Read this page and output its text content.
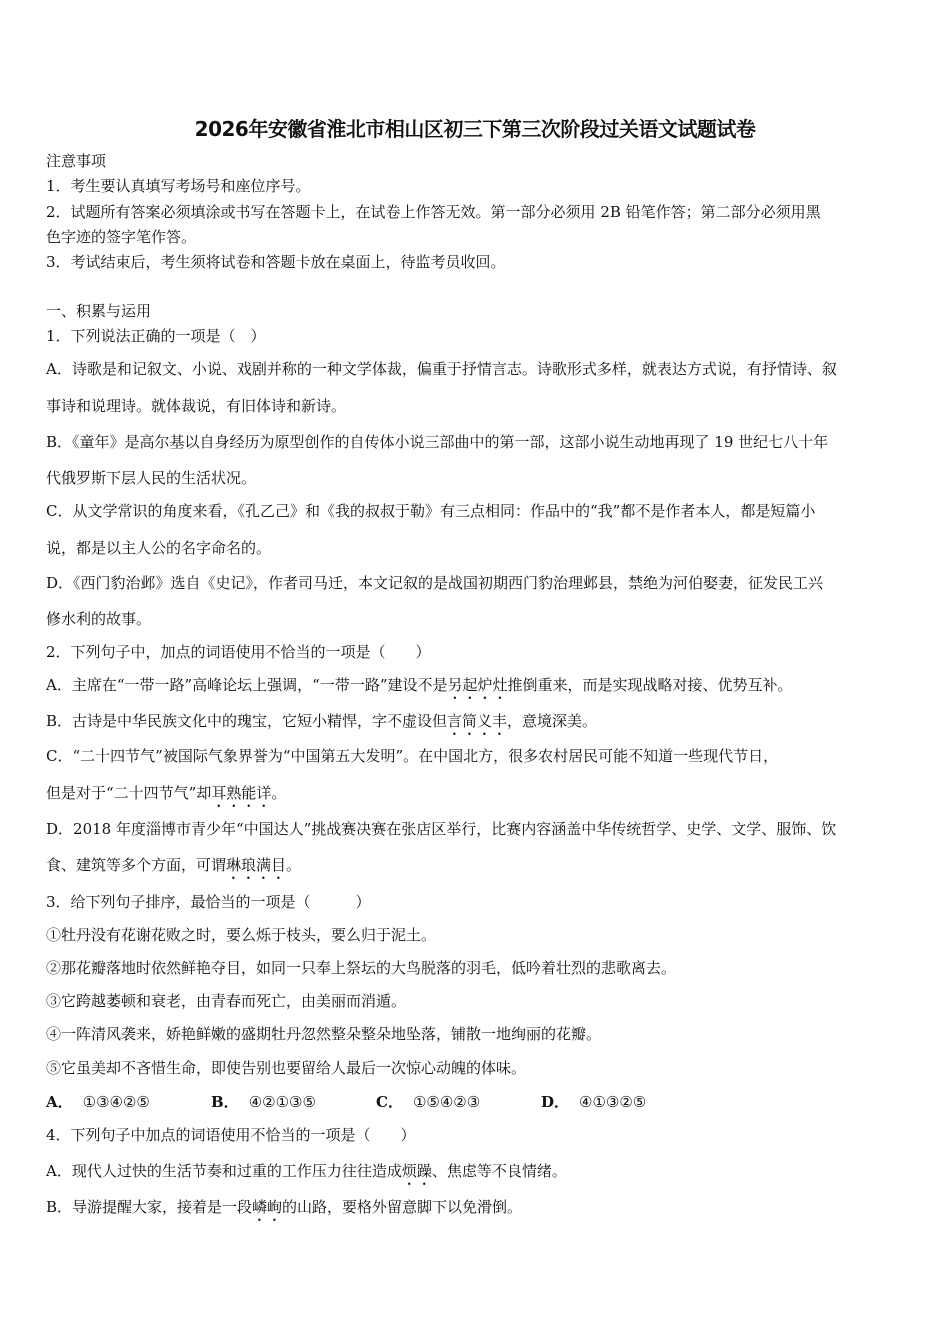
2026年安徽省淮北市相山区初三下第三次阶段过关语文试题试卷
注意事项
1．考生要认真填写考场号和座位序号。
2．试题所有答案必须填涂或书写在答题卡上，在试卷上作答无效。第一部分必须用 2B 铅笔作答；第二部分必须用黑
色字迹的签字笔作答。
3．考试结束后，考生须将试卷和答题卡放在桌面上，待监考员收回。
一、积累与运用
1．下列说法正确的一项是（　）
A．诗歌是和记叙文、小说、戏剧并称的一种文学体裁，偏重于抒情言志。诗歌形式多样，就表达方式说，有抒情诗、叙
事诗和说理诗。就体裁说，有旧体诗和新诗。
B．《童年》是高尔基以自身经历为原型创作的自传体小说三部曲中的第一部，这部小说生动地再现了 19 世纪七八十年
代俄罗斯下层人民的生活状况。
C．从文学常识的角度来看，《孔乙己》和《我的叔叔于勒》有三点相同：作品中的“我”都不是作者本人，都是短篇小
说，都是以主人公的名字命名的。
D．《西门豹治邺》选自《史记》，作者司马迁，本文记叙的是战国初期西门豹治理邺县，禁绝为河伯娶妻，征发民工兴
修水利的故事。
2．下列句子中，加点的词语使用不恰当的一项是（　　）
A．主席在“一带一路”高峰论坛上强调，“一带一路”建设不是另起炉灶推倒重来，而是实现战略对接、优势互补。
B．古诗是中华民族文化中的瑰宝，它短小精悍，字不虚设但言简义丰，意境深美。
C．“二十四节气”被国际气象界誉为“中国第五大发明”。在中国北方，很多农村居民可能不知道一些现代节日，
但是对于“二十四节气”却耳熟能详。
D．2018 年度淄博市青少年“中国达人”挑战赛决赛在张店区举行，比赛内容涵盖中华传统哲学、史学、文学、服饰、饮
食、建筑等多个方面，可谓琳琅满目。
3．给下列句子排序，最恰当的一项是（　　　）
①牡丹没有花谢花败之时，要么烁于枝头，要么归于泥土。
②那花瓣落地时依然鲜艳夺目，如同一只奉上祭坛的大鸟脱落的羽毛，低吟着壮烈的悲歌离去。
③它跨越萎顿和衰老，由青春而死亡，由美丽而消遁。
④一阵清风袭来，娇艳鲜嫩的盛期牡丹忽然整朵整朵地坠落，铺散一地绚丽的花瓣。
⑤它虽美却不吝惜生命，即使告别也要留给人最后一次惊心动魄的体味。
A． ①③④②⑤	B． ④②①③⑤	C． ①⑤④②③	D． ④①③②⑤
4．下列句子中加点的词语使用不恰当的一项是（　　）
A．现代人过快的生活节奏和过重的工作压力往往造成烦躁、焦虑等不良情绪。
B．导游提醒大家，接着是一段嶙峋的山路，要格外留意脚下以免滑倒。
